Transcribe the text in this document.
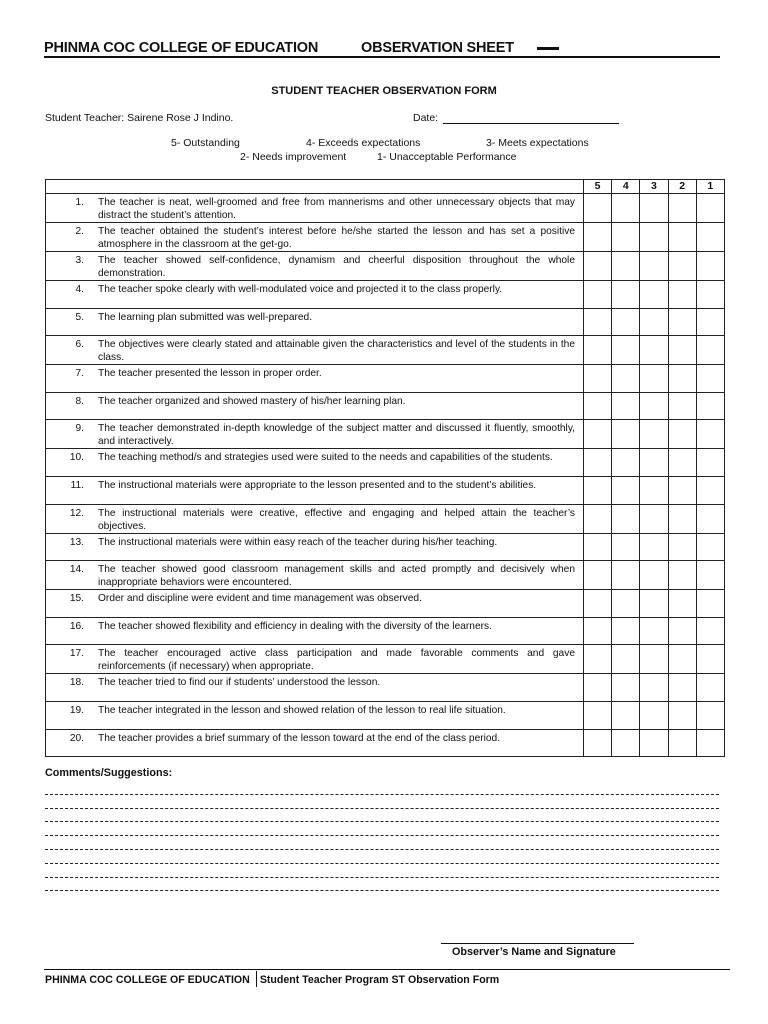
PHINMA COC COLLEGE OF EDUCATION	OBSERVATION SHEET
STUDENT TEACHER OBSERVATION FORM
Student Teacher: Sairene Rose J Indino.	Date:
5- Outstanding	4- Exceeds expectations	3- Meets expectations
2- Needs improvement	1- Unacceptable Performance
	5	4	3	2	1

1. The teacher is neat, well-groomed and free from mannerisms and other unnecessary objects that may distract the student’s attention.					

2. The teacher obtained the student’s interest before he/she started the lesson and has set a positive atmosphere in the classroom at the get-go.					

3. The teacher showed self-confidence, dynamism and cheerful disposition throughout the whole demonstration.					

4. The teacher spoke clearly with well-modulated voice and projected it to the class properly.					

5. The learning plan submitted was well-prepared.					

6. The objectives were clearly stated and attainable given the characteristics and level of the students in the class.					

7. The teacher presented the lesson in proper order.					

8. The teacher organized and showed mastery of his/her learning plan.					

9. The teacher demonstrated in-depth knowledge of the subject matter and discussed it fluently, smoothly, and interactively.					

10. The teaching method/s and strategies used were suited to the needs and capabilities of the students.					

11. The instructional materials were appropriate to the lesson presented and to the student’s abilities.					

12. The instructional materials were creative, effective and engaging and helped attain the teacher’s objectives.					

13. The instructional materials were within easy reach of the teacher during his/her teaching.					

14. The teacher showed good classroom management skills and acted promptly and decisively when inappropriate behaviors were encountered.					

15. Order and discipline were evident and time management was observed.					

16. The teacher showed flexibility and efficiency in dealing with the diversity of the learners.					

17. The teacher encouraged active class participation and made favorable comments and gave reinforcements (if necessary) when appropriate.					

18. The teacher tried to find our if students’ understood the lesson.					

19. The teacher integrated in the lesson and showed relation of the lesson to real life situation.					

20. The teacher provides a brief summary of the lesson toward at the end of the class period.					

Comments/Suggestions:
Observer’s Name and Signature
PHINMA COC COLLEGE OF EDUCATION Student Teacher Program ST Observation Form
